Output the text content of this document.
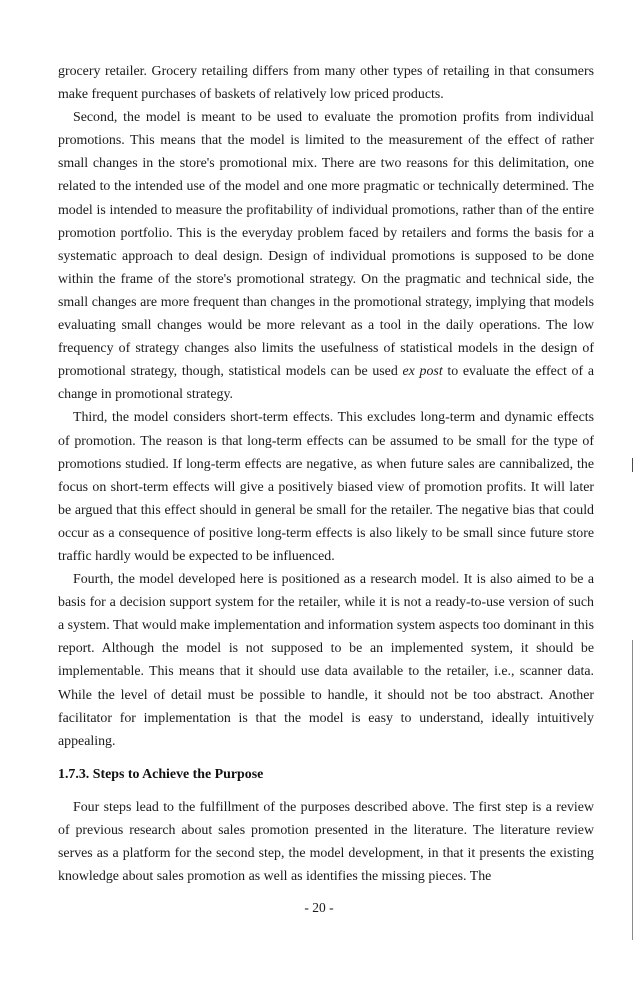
grocery retailer. Grocery retailing differs from many other types of retailing in that consumers make frequent purchases of baskets of relatively low priced products.

Second, the model is meant to be used to evaluate the promotion profits from individual promotions. This means that the model is limited to the measurement of the effect of rather small changes in the store's promotional mix. There are two reasons for this delimitation, one related to the intended use of the model and one more pragmatic or technically determined. The model is intended to measure the profitability of individual promotions, rather than of the entire promotion portfolio. This is the everyday problem faced by retailers and forms the basis for a systematic approach to deal design. Design of individual promotions is supposed to be done within the frame of the store's promotional strategy. On the pragmatic and technical side, the small changes are more frequent than changes in the promotional strategy, implying that models evaluating small changes would be more relevant as a tool in the daily operations. The low frequency of strategy changes also limits the usefulness of statistical models in the design of promotional strategy, though, statistical models can be used ex post to evaluate the effect of a change in promotional strategy.

Third, the model considers short-term effects. This excludes long-term and dynamic effects of promotion. The reason is that long-term effects can be assumed to be small for the type of promotions studied. If long-term effects are negative, as when future sales are cannibalized, the focus on short-term effects will give a positively biased view of promotion profits. It will later be argued that this effect should in general be small for the retailer. The negative bias that could occur as a consequence of positive long-term effects is also likely to be small since future store traffic hardly would be expected to be influenced.

Fourth, the model developed here is positioned as a research model. It is also aimed to be a basis for a decision support system for the retailer, while it is not a ready-to-use version of such a system. That would make implementation and information system aspects too dominant in this report. Although the model is not supposed to be an implemented system, it should be implementable. This means that it should use data available to the retailer, i.e., scanner data. While the level of detail must be possible to handle, it should not be too abstract. Another facilitator for implementation is that the model is easy to understand, ideally intuitively appealing.

1.7.3. Steps to Achieve the Purpose

Four steps lead to the fulfillment of the purposes described above. The first step is a review of previous research about sales promotion presented in the literature. The literature review serves as a platform for the second step, the model development, in that it presents the existing knowledge about sales promotion as well as identifies the missing pieces. The

- 20 -
